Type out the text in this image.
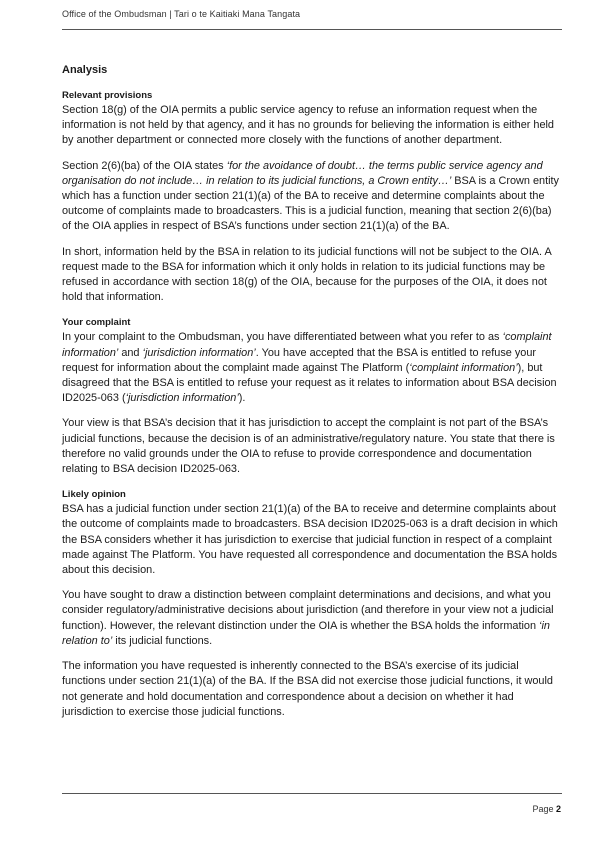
Office of the Ombudsman | Tari o te Kaitiaki Mana Tangata
Analysis
Relevant provisions

Section 18(g) of the OIA permits a public service agency to refuse an information request when the information is not held by that agency, and it has no grounds for believing the information is either held by another department or connected more closely with the functions of another department.

Section 2(6)(ba) of the OIA states ‘for the avoidance of doubt… the terms public service agency and organisation do not include… in relation to its judicial functions, a Crown entity…’ BSA is a Crown entity which has a function under section 21(1)(a) of the BA to receive and determine complaints about the outcome of complaints made to broadcasters. This is a judicial function, meaning that section 2(6)(ba) of the OIA applies in respect of BSA’s functions under section 21(1)(a) of the BA.

In short, information held by the BSA in relation to its judicial functions will not be subject to the OIA. A request made to the BSA for information which it only holds in relation to its judicial functions may be refused in accordance with section 18(g) of the OIA, because for the purposes of the OIA, it does not hold that information.

Your complaint

In your complaint to the Ombudsman, you have differentiated between what you refer to as ‘complaint information’ and ‘jurisdiction information’. You have accepted that the BSA is entitled to refuse your request for information about the complaint made against The Platform (‘complaint information’), but disagreed that the BSA is entitled to refuse your request as it relates to information about BSA decision ID2025-063 (‘jurisdiction information’).

Your view is that BSA’s decision that it has jurisdiction to accept the complaint is not part of the BSA’s judicial functions, because the decision is of an administrative/regulatory nature. You state that there is therefore no valid grounds under the OIA to refuse to provide correspondence and documentation relating to BSA decision ID2025-063.

Likely opinion

BSA has a judicial function under section 21(1)(a) of the BA to receive and determine complaints about the outcome of complaints made to broadcasters. BSA decision ID2025-063 is a draft decision in which the BSA considers whether it has jurisdiction to exercise that judicial function in respect of a complaint made against The Platform. You have requested all correspondence and documentation the BSA holds about this decision.

You have sought to draw a distinction between complaint determinations and decisions, and what you consider regulatory/administrative decisions about jurisdiction (and therefore in your view not a judicial function). However, the relevant distinction under the OIA is whether the BSA holds the information ‘in relation to’ its judicial functions.

The information you have requested is inherently connected to the BSA’s exercise of its judicial functions under section 21(1)(a) of the BA. If the BSA did not exercise those judicial functions, it would not generate and hold documentation and correspondence about a decision on whether it had jurisdiction to exercise those judicial functions.

Page 2
